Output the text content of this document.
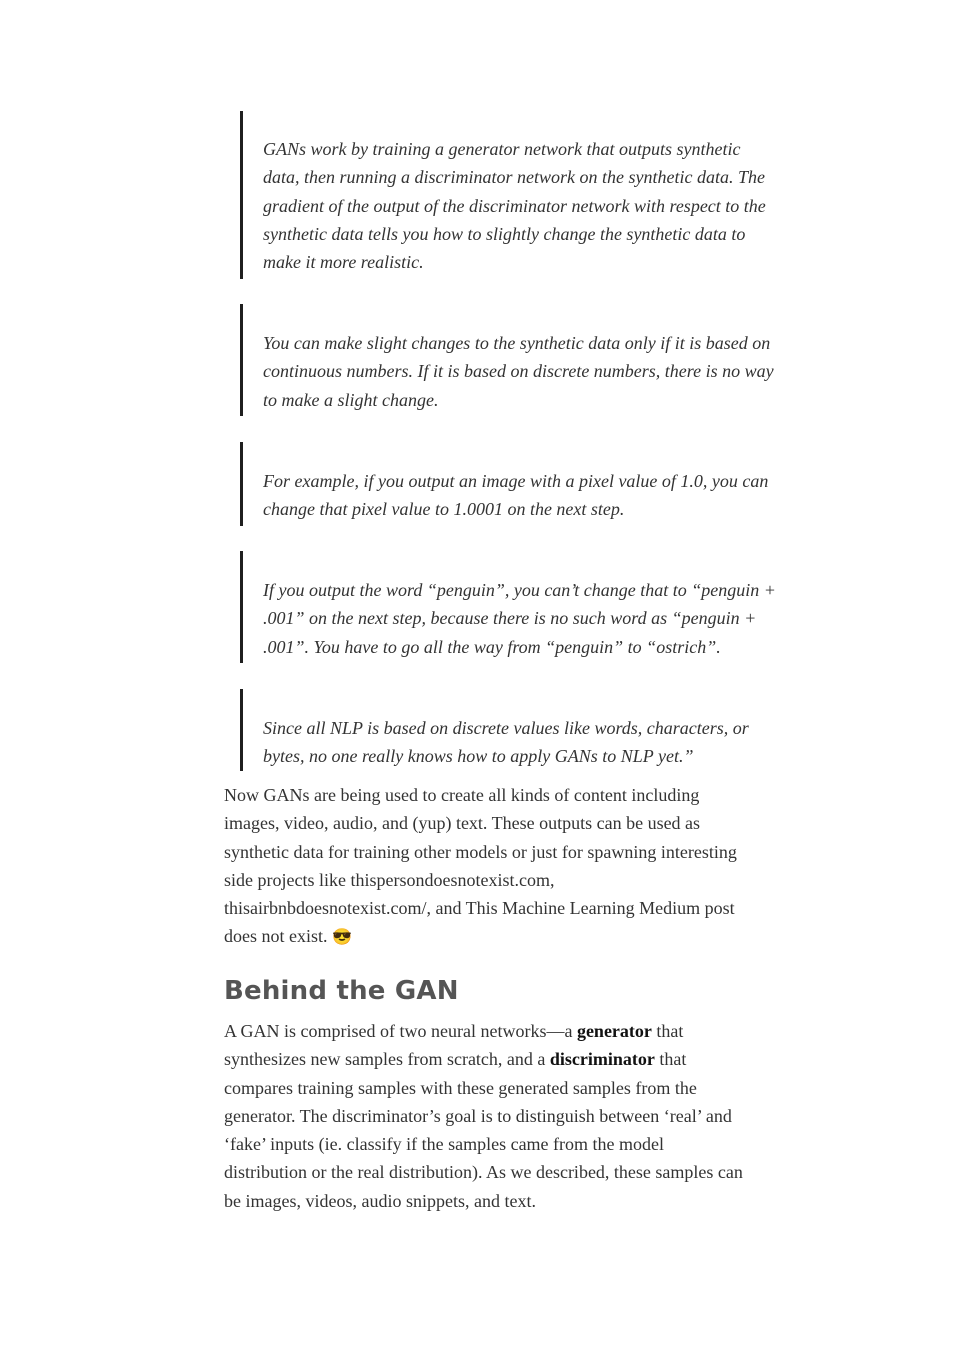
GANs work by training a generator network that outputs synthetic data, then running a discriminator network on the synthetic data. The gradient of the output of the discriminator network with respect to the synthetic data tells you how to slightly change the synthetic data to make it more realistic.

You can make slight changes to the synthetic data only if it is based on continuous numbers. If it is based on discrete numbers, there is no way to make a slight change.

For example, if you output an image with a pixel value of 1.0, you can change that pixel value to 1.0001 on the next step.

If you output the word “penguin”, you can’t change that to “penguin + .001” on the next step, because there is no such word as “penguin + .001”. You have to go all the way from “penguin” to “ostrich”.

Since all NLP is based on discrete values like words, characters, or bytes, no one really knows how to apply GANs to NLP yet.”

Now GANs are being used to create all kinds of content including images, video, audio, and (yup) text. These outputs can be used as synthetic data for training other models or just for spawning interesting side projects like thispersondoesnotexist.com, thisairbnbdoesnotexist.com/, and This Machine Learning Medium post does not exist. 😎

Behind the GAN

A GAN is comprised of two neural networks—a generator that synthesizes new samples from scratch, and a discriminator that compares training samples with these generated samples from the generator. The discriminator’s goal is to distinguish between ‘real’ and ‘fake’ inputs (ie. classify if the samples came from the model distribution or the real distribution). As we described, these samples can be images, videos, audio snippets, and text.
